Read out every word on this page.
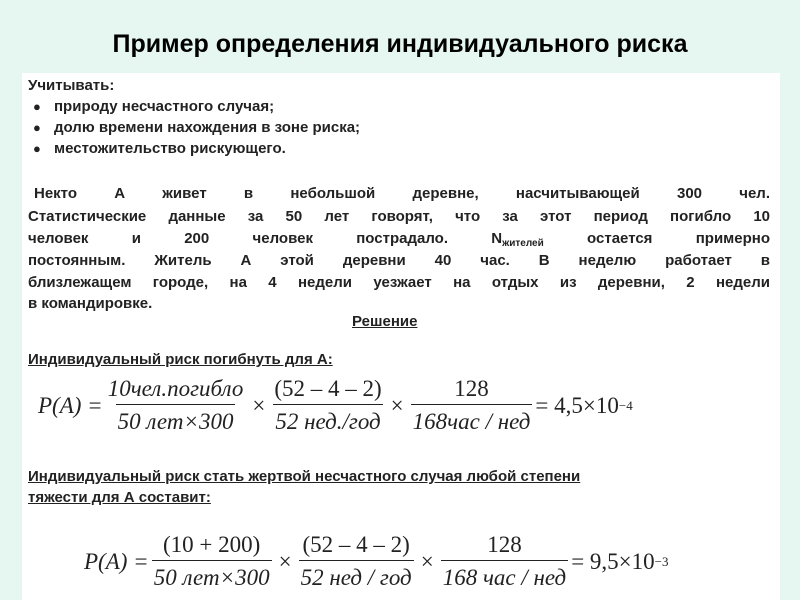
Пример определения индивидуального риска
Учитывать:
● природу несчастного случая;
● долю времени нахождения в зоне риска;
● местожительство рискующего.
Некто А живет в небольшой деревне, насчитывающей 300 чел.
Статистические данные за 50 лет говорят, что за этот период погибло 10
человек и 200 человек пострадало. $N_{жителей}$ остается примерно
постоянным. Житель А этой деревни 40 час. В неделю работает в
близлежащем городе, на 4 недели уезжает на отдых из деревни, 2 недели
в командировке.
Решение
Индивидуальный риск погибнуть для А:
$P(A) = \frac{\text{10чел.погибло}}{\text{50 лет×300}} \times \frac{(52 - 4 - 2)}{\text{52 нед./год}} \times \frac{128}{\text{168час / нед}} = 4,5\times 10 -4$
Индивидуальный риск стать жертвой несчастного случая любой степени
тяжести для А составит:
$P(A) = \frac{(10 + 200)}{\text{50 лет×300}} \times \frac{(52 - 4 - 2)}{\text{52 нед / год}} \times \frac{128}{\text{168 час / нед}} = 9,5\times 10 -3$
